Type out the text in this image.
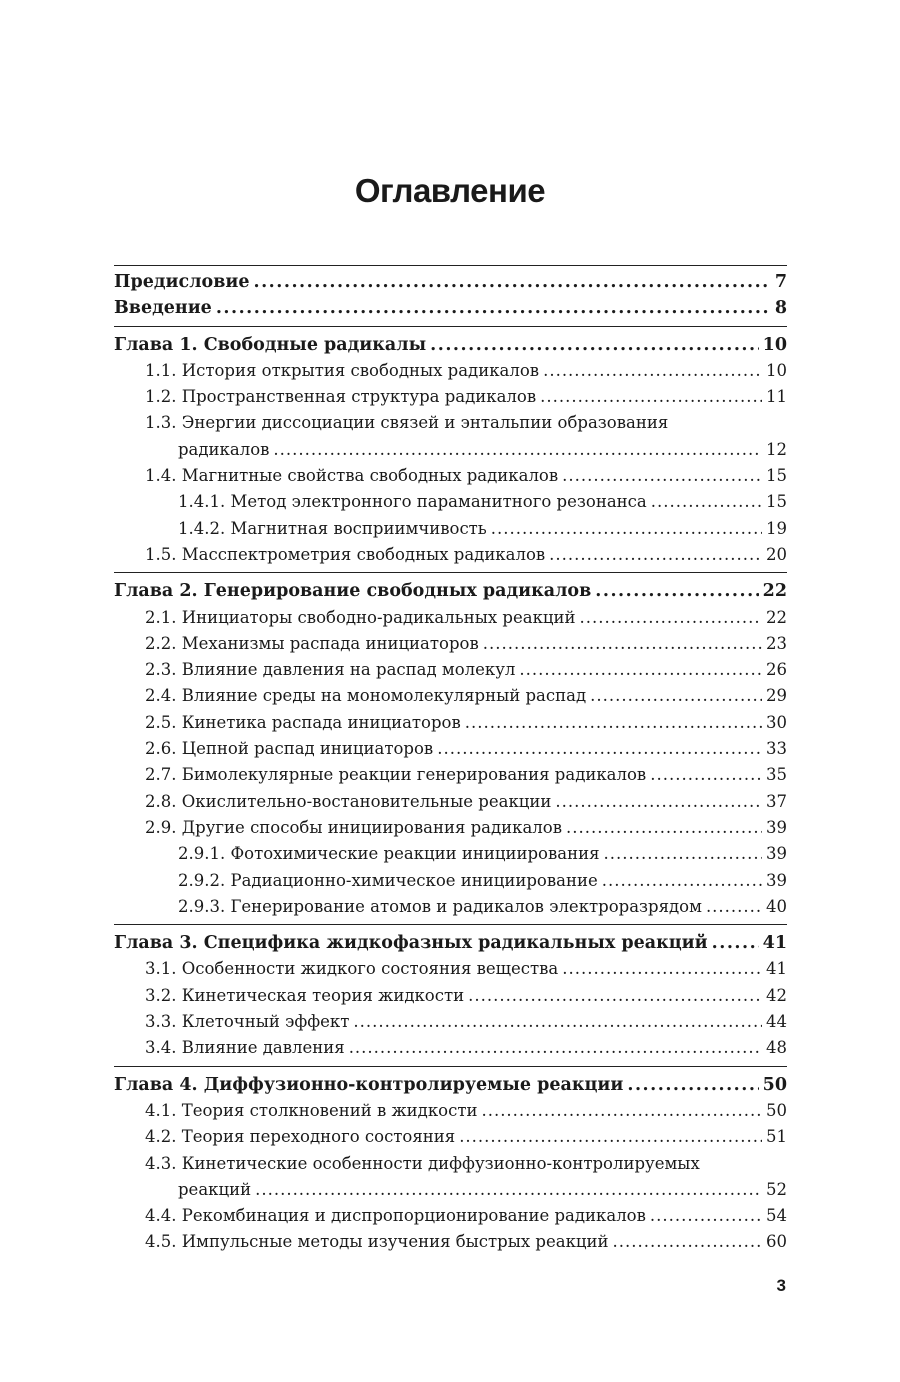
Оглавление
Предисловие .....	7
Введение .....	8
Глава 1. Свободные радикалы .....	10
1.1. История открытия свободных радикалов .....	10
1.2. Пространственная структура радикалов .....	11
1.3. Энергии диссоциации связей и энтальпии образования
радикалов .....	12
1.4. Магнитные свойства свободных радикалов .....	15
1.4.1. Метод электронного параманитного резонанса .....	15
1.4.2. Магнитная восприимчивость .....	19
1.5. Масспектрометрия свободных радикалов .....	20
Глава 2. Генерирование свободных радикалов .....	22
2.1. Инициаторы свободно-радикальных реакций .....	22
2.2. Механизмы распада инициаторов .....	23
2.3. Влияние давления на распад молекул .....	26
2.4. Влияние среды на мономолекулярный распад .....	29
2.5. Кинетика распада инициаторов .....	30
2.6. Цепной распад инициаторов .....	33
2.7. Бимолекулярные реакции генерирования радикалов .....	35
2.8. Окислительно-востановительные реакции .....	37
2.9. Другие способы инициирования радикалов .....	39
2.9.1. Фотохимические реакции инициирования .....	39
2.9.2. Радиационно-химическое инициирование .....	39
2.9.3. Генерирование атомов и радикалов электроразрядом .....	40
Глава 3. Специфика жидкофазных радикальных реакций .....	41
3.1. Особенности жидкого состояния вещества .....	41
3.2. Кинетическая теория жидкости .....	42
3.3. Клеточный эффект .....	44
3.4. Влияние давления .....	48
Глава 4. Диффузионно-контролируемые реакции .....	50
4.1. Теория столкновений в жидкости .....	50
4.2. Теория переходного состояния .....	51
4.3. Кинетические особенности диффузионно-контролируемых
реакций .....	52
4.4. Рекомбинация и диспропорционирование радикалов .....	54
4.5. Импульсные методы изучения быстрых реакций .....	60
3
